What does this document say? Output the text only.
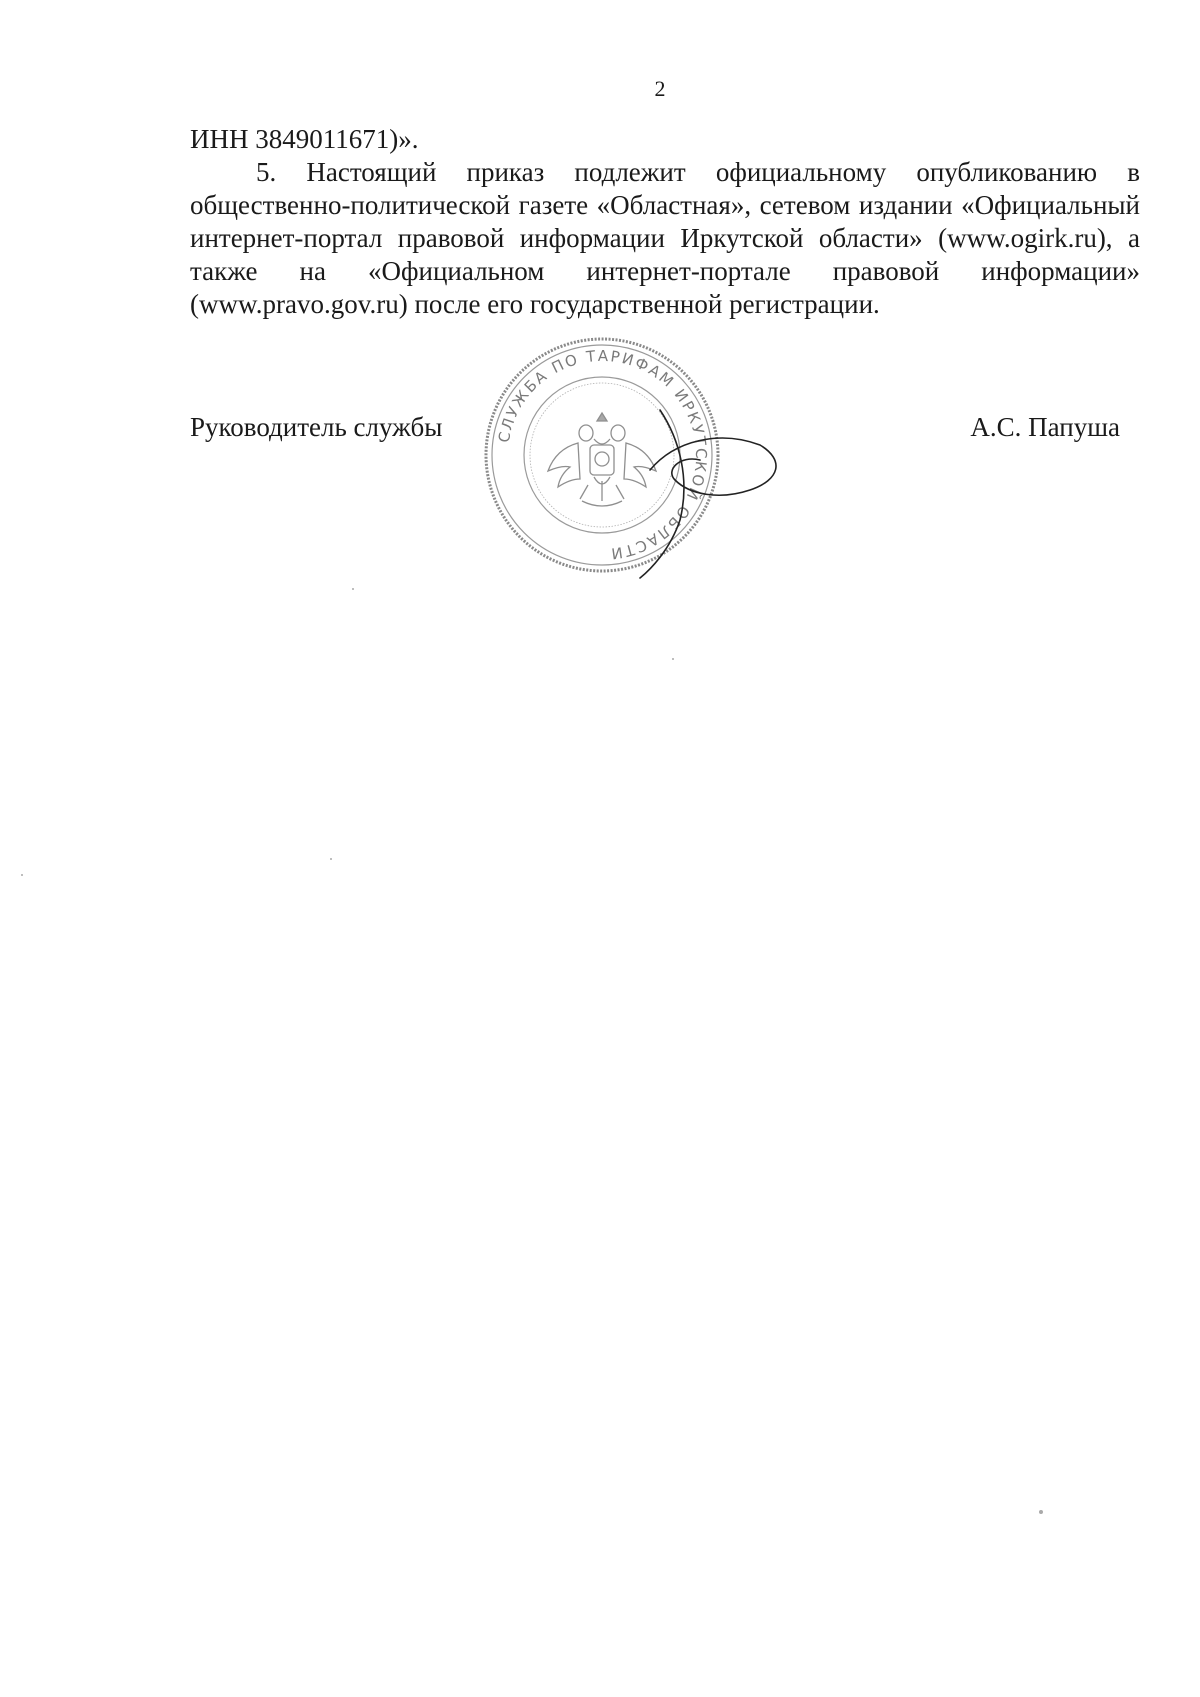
2

ИНН 3849011671)».

5. Настоящий приказ подлежит официальному опубликованию в общественно-политической газете «Областная», сетевом издании «Официальный интернет-портал правовой информации Иркутской области» (www.ogirk.ru), а также на «Официальном интернет-портале правовой информации» (www.pravo.gov.ru) после его государственной регистрации.

Руководитель службы	А.С. Папуша
СЛУЖБА ПО ТАРИФАМ ИРКУТСКОЙ ОБЛАСТИ
